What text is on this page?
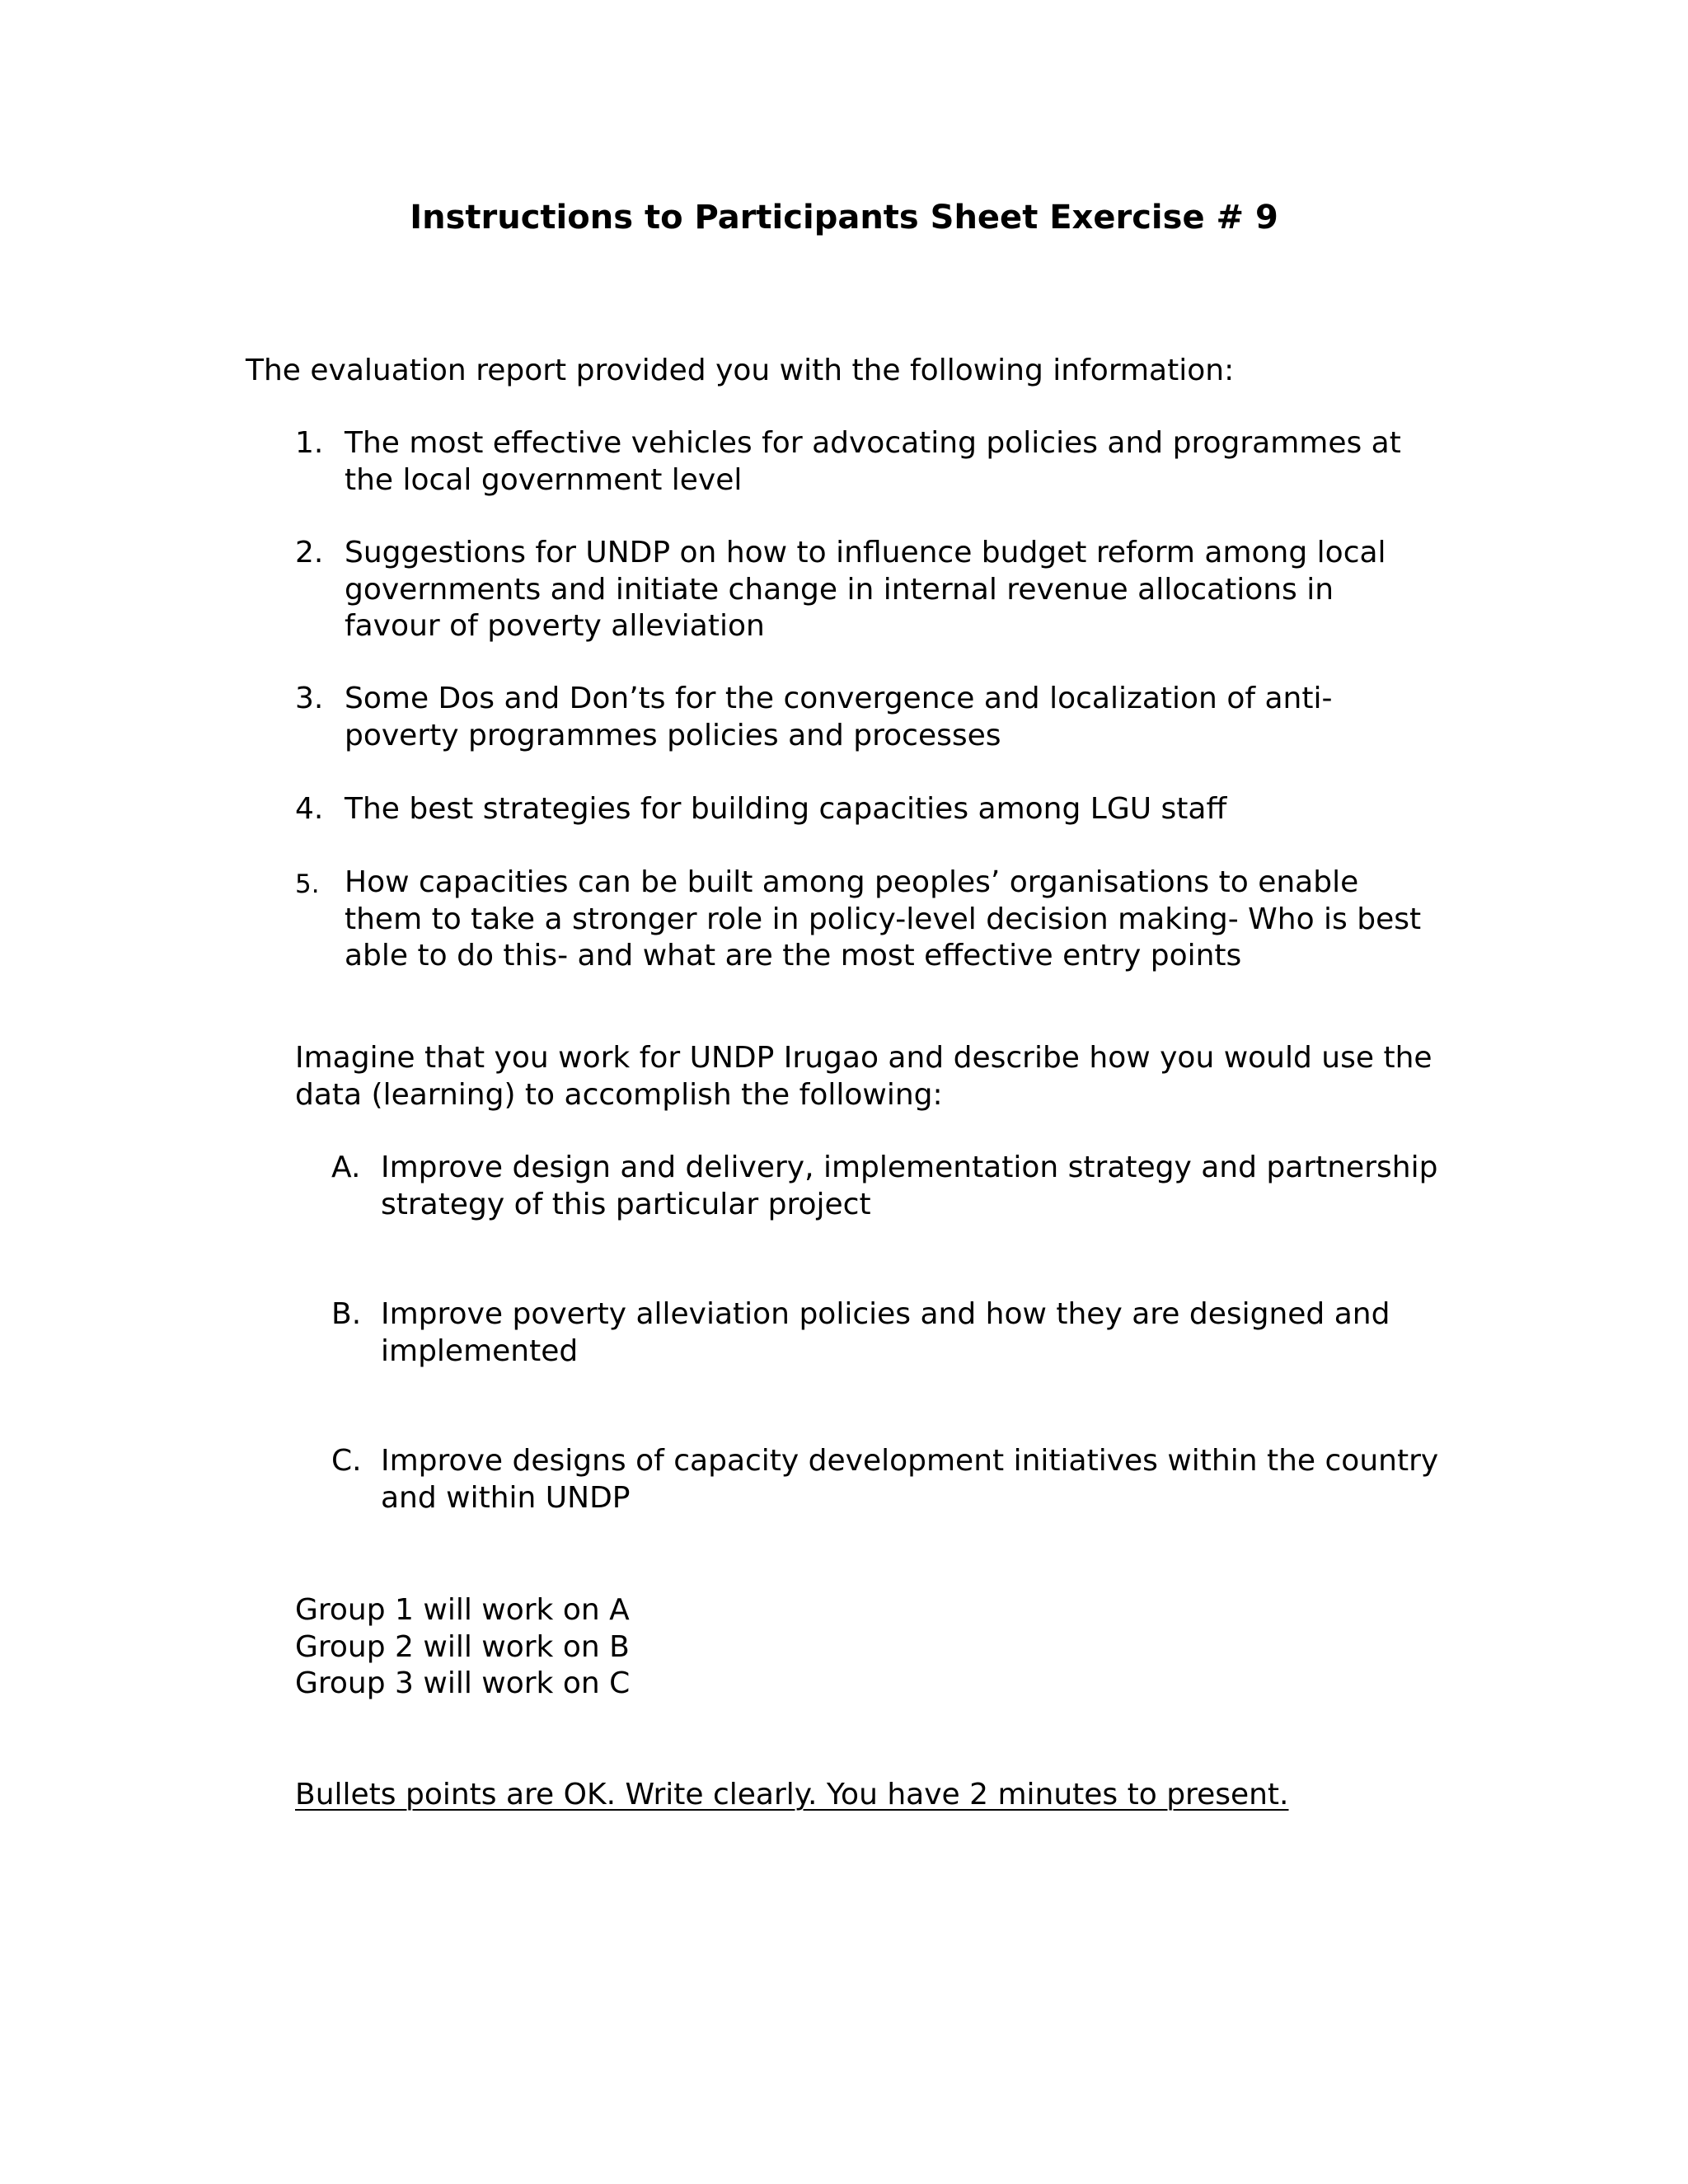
Instructions to Participants Sheet Exercise # 9

The evaluation report provided you with the following information:

1. The most effective vehicles for advocating policies and programmes at the local government level
2. Suggestions for UNDP on how to influence budget reform among local governments and initiate change in internal revenue allocations in favour of poverty alleviation
3. Some Dos and Don’ts for the convergence and localization of anti-poverty programmes policies and processes
4. The best strategies for building capacities among LGU staff
5. How capacities can be built among peoples’ organisations to enable them to take a stronger role in policy-level decision making- Who is best able to do this- and what are the most effective entry points

Imagine that you work for UNDP Irugao and describe how you would use the data (learning) to accomplish the following:

A. Improve design and delivery, implementation strategy and partnership strategy of this particular project
B. Improve poverty alleviation policies and how they are designed and implemented
C. Improve designs of capacity development initiatives within the country and within UNDP
Group 1 will work on A
Group 2 will work on B
Group 3 will work on C

Bullets points are OK. Write clearly. You have 2 minutes to present.
